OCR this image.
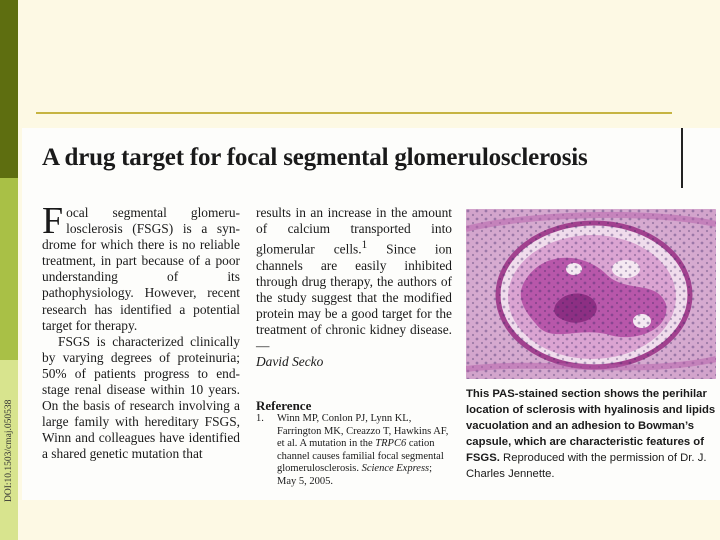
A drug target for focal segmental glomerulosclerosis
DOI:10.1503/cmaj.050538

Focal segmental glomerulosclerosis (FSGS) is a syndrome for which there is no reliable treatment, in part because of a poor understanding of its pathophysiology. However, recent research has identified a potential target for therapy.

FSGS is characterized clinically by varying degrees of proteinuria; 50% of patients progress to end-stage renal disease within 10 years. On the basis of research involving a large family with hereditary FSGS, Winn and colleagues have identified a shared genetic mutation that

results in an increase in the amount of calcium transported into glomerular cells.$^1$ Since ion channels are easily inhibited through drug therapy, the authors of the study suggest that the modified protein may be a good target for the treatment of chronic kidney disease. —
David Secko

Reference
1. Winn MP, Conlon PJ, Lynn KL, Farrington MK, Creazzo T, Hawkins AF, et al. A mutation in the TRPC6 cation channel causes familial focal segmental glomerulosclerosis. Science Express; May 5, 2005.

This PAS-stained section shows the perihilar location of sclerosis with hyalinosis and lipids vacuolation and an adhesion to Bowman’s capsule, which are characteristic features of FSGS. Reproduced with the permission of Dr. J. Charles Jennette.
